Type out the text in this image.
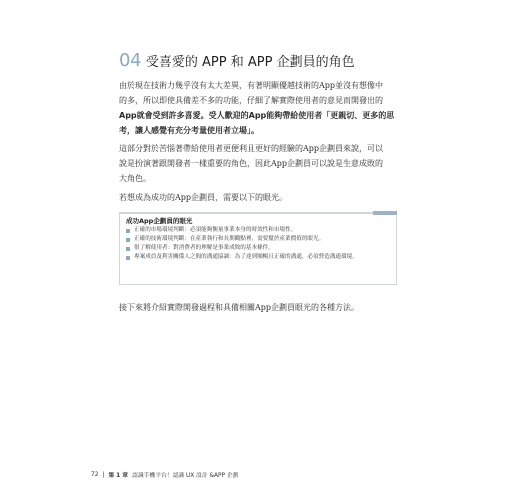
04 受喜愛的 APP 和 APP 企劃員的角色

由於現在技術力幾乎沒有太大差異，有著明顯優越技術的App並沒有想像中
的多，所以即使具備差不多的功能，仔細了解實際使用者的意見而開發出的
App就會受到許多喜愛。受人歡迎的App能夠帶給使用者「更親切、更多的思
考，讓人感覺有充分考量使用者立場」。

這部分對於苦惱著帶給使用者更便利且更好的經驗的App企劃員來說，可以
說是扮演著跟開發者一樣重要的角色，因此App企劃員可以說是生意成敗的
大角色。

若想成為成功的App企劃員，需要以下的眼光。

成功App企劃員的眼光
正確的市場環境判斷：必須能夠衡量事業本身的時效性和市場性。
正確的技術環境判斷：在產業執行和長期觀點裡，需要釐於產業價值的眼光。
很了解使用者：對消費者的理解是事業成敗的基本條件。
專案成員及利害關係人之間的溝通協調：為了達到順暢且正確的溝通，必須營造溝通環境。

接下來將介紹實際開發過程和具備相關App企劃員眼光的各種方法。

72 | 第 1 章 認識手機平台！認識 UX 設計 &APP 企劃
